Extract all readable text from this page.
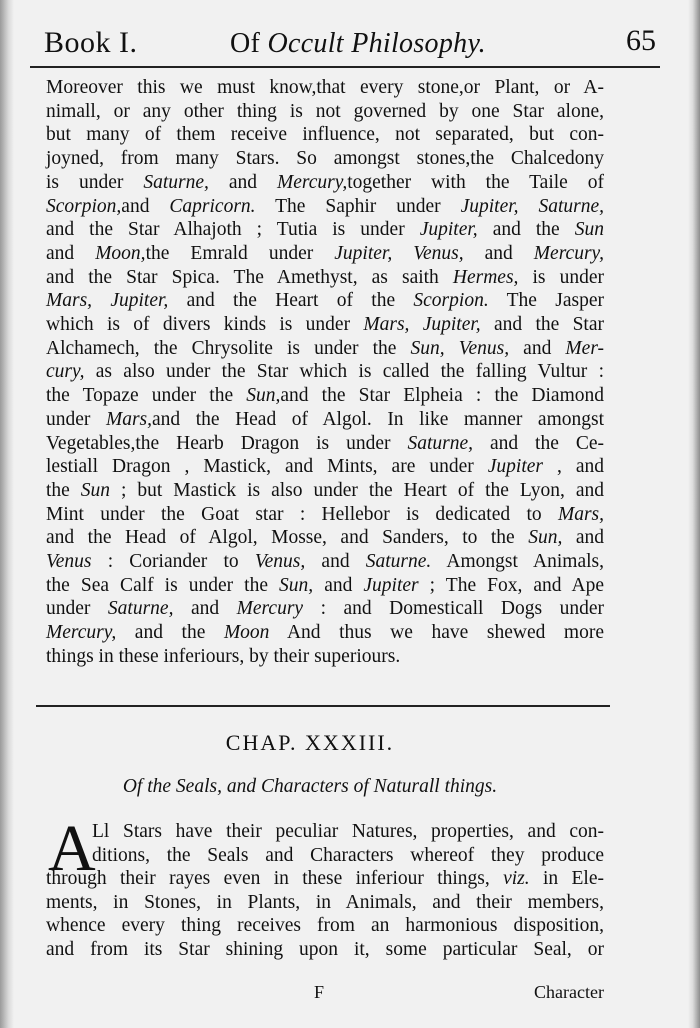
Book I.	Of Occult Philosophy.	65
Moreover this we must know,that every stone,or Plant, or A-
nimall, or any other thing is not governed by one Star alone,
but many of them receive influence, not separated, but con-
joyned, from many Stars. So amongst stones,the Chalcedony
is under Saturne, and Mercury,together with the Taile of
Scorpion,and Capricorn. The Saphir under Jupiter, Saturne,
and the Star Alhajoth ; Tutia is under Jupiter, and the Sun
and Moon,the Emrald under Jupiter, Venus, and Mercury,
and the Star Spica. The Amethyst, as saith Hermes, is under
Mars, Jupiter, and the Heart of the Scorpion. The Jasper
which is of divers kinds is under Mars, Jupiter, and the Star
Alchamech, the Chrysolite is under the Sun, Venus, and Mer-
cury, as also under the Star which is called the falling Vultur :
the Topaze under the Sun,and the Star Elpheia : the Diamond
under Mars,and the Head of Algol. In like manner amongst
Vegetables,the Hearb Dragon is under Saturne, and the Ce-
lestiall Dragon , Mastick, and Mints, are under Jupiter , and
the Sun ; but Mastick is also under the Heart of the Lyon, and
Mint under the Goat star : Hellebor is dedicated to Mars,
and the Head of Algol, Mosse, and Sanders, to the Sun, and
Venus : Coriander to Venus, and Saturne. Amongst Animals,
the Sea Calf is under the Sun, and Jupiter ; The Fox, and Ape
under Saturne, and Mercury : and Domesticall Dogs under
Mercury, and the Moon And thus we have shewed more
things in these inferiours, by their superiours.
CHAP. XXXIII.
Of the Seals, and Characters of Naturall things.
A
Ll Stars have their peculiar Natures, properties, and con-
ditions, the Seals and Characters whereof they produce
through their rayes even in these inferiour things, viz. in Ele-
ments, in Stones, in Plants, in Animals, and their members,
whence every thing receives from an harmonious disposition,
and from its Star shining upon it, some particular Seal, or
F	Character
